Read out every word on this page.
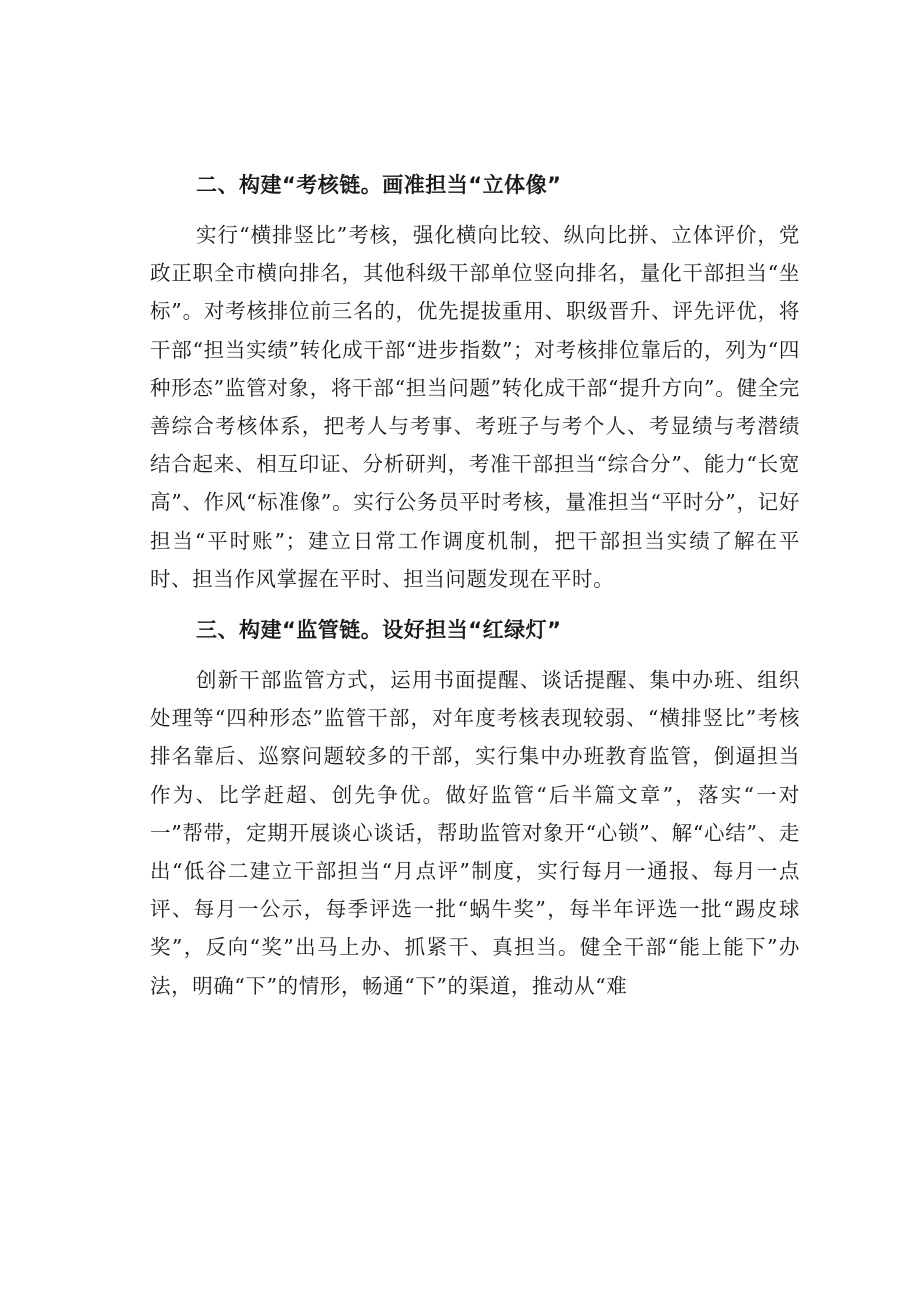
二、构建“考核链。画准担当“立体像”

实行“横排竖比”考核，强化横向比较、纵向比拼、立体评价，党政正职全市横向排名，其他科级干部单位竖向排名，量化干部担当“坐标”。对考核排位前三名的，优先提拔重用、职级晋升、评先评优，将干部“担当实绩”转化成干部“进步指数”；对考核排位靠后的，列为“四种形态”监管对象，将干部“担当问题”转化成干部“提升方向”。健全完善综合考核体系，把考人与考事、考班子与考个人、考显绩与考潜绩结合起来、相互印证、分析研判，考准干部担当“综合分”、能力“长宽高”、作风“标准像”。实行公务员平时考核，量准担当“平时分”，记好担当“平时账”；建立日常工作调度机制，把干部担当实绩了解在平时、担当作风掌握在平时、担当问题发现在平时。

三、构建“监管链。设好担当“红绿灯”

创新干部监管方式，运用书面提醒、谈话提醒、集中办班、组织处理等“四种形态”监管干部，对年度考核表现较弱、“横排竖比”考核排名靠后、巡察问题较多的干部，实行集中办班教育监管，倒逼担当作为、比学赶超、创先争优。做好监管“后半篇文章”，落实“一对一”帮带，定期开展谈心谈话，帮助监管对象开“心锁”、解“心结”、走出“低谷二建立干部担当“月点评”制度，实行每月一通报、每月一点评、每月一公示，每季评选一批“蜗牛奖”，每半年评选一批“踢皮球奖”，反向“奖”出马上办、抓紧干、真担当。健全干部“能上能下”办法，明确“下”的情形，畅通“下”的渠道，推动从“难
